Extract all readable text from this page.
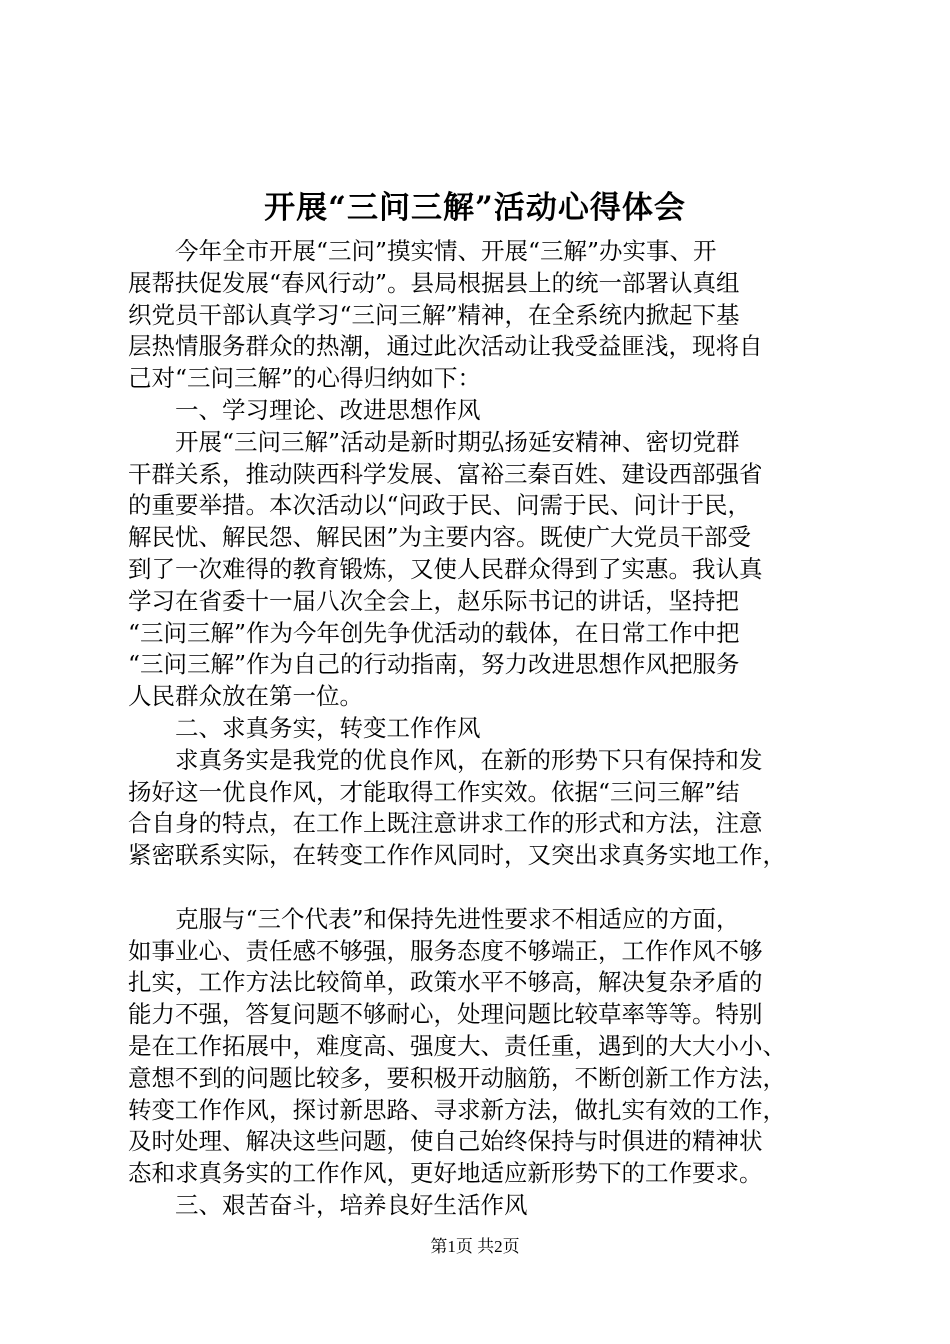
开展“三问三解”活动心得体会

　　今年全市开展“三问”摸实情、开展“三解”办实事、开

展帮扶促发展“春风行动”。县局根据县上的统一部署认真组

织党员干部认真学习“三问三解”精神，在全系统内掀起下基

层热情服务群众的热潮，通过此次活动让我受益匪浅，现将自

己对“三问三解”的心得归纳如下：

　　一、学习理论、改进思想作风

　　开展“三问三解”活动是新时期弘扬延安精神、密切党群

干群关系，推动陕西科学发展、富裕三秦百姓、建设西部强省

的重要举措。本次活动以“问政于民、问需于民、问计于民，

解民忧、解民怨、解民困”为主要内容。既使广大党员干部受

到了一次难得的教育锻炼，又使人民群众得到了实惠。我认真

学习在省委十一届八次全会上，赵乐际书记的讲话，坚持把

“三问三解”作为今年创先争优活动的载体，在日常工作中把

“三问三解”作为自己的行动指南，努力改进思想作风把服务

人民群众放在第一位。

　　二、求真务实，转变工作作风

　　求真务实是我党的优良作风，在新的形势下只有保持和发

扬好这一优良作风，才能取得工作实效。依据“三问三解”结

合自身的特点，在工作上既注意讲求工作的形式和方法，注意

紧密联系实际，在转变工作作风同时，又突出求真务实地工作，

　　克服与“三个代表”和保持先进性要求不相适应的方面，

如事业心、责任感不够强，服务态度不够端正，工作作风不够

扎实，工作方法比较简单，政策水平不够高，解决复杂矛盾的

能力不强，答复问题不够耐心，处理问题比较草率等等。特别

是在工作拓展中，难度高、强度大、责任重，遇到的大大小小、

意想不到的问题比较多，要积极开动脑筋，不断创新工作方法，

转变工作作风，探讨新思路、寻求新方法，做扎实有效的工作，

及时处理、解决这些问题，使自己始终保持与时俱进的精神状

态和求真务实的工作作风，更好地适应新形势下的工作要求。

　　三、艰苦奋斗，培养良好生活作风

第1页 共2页
